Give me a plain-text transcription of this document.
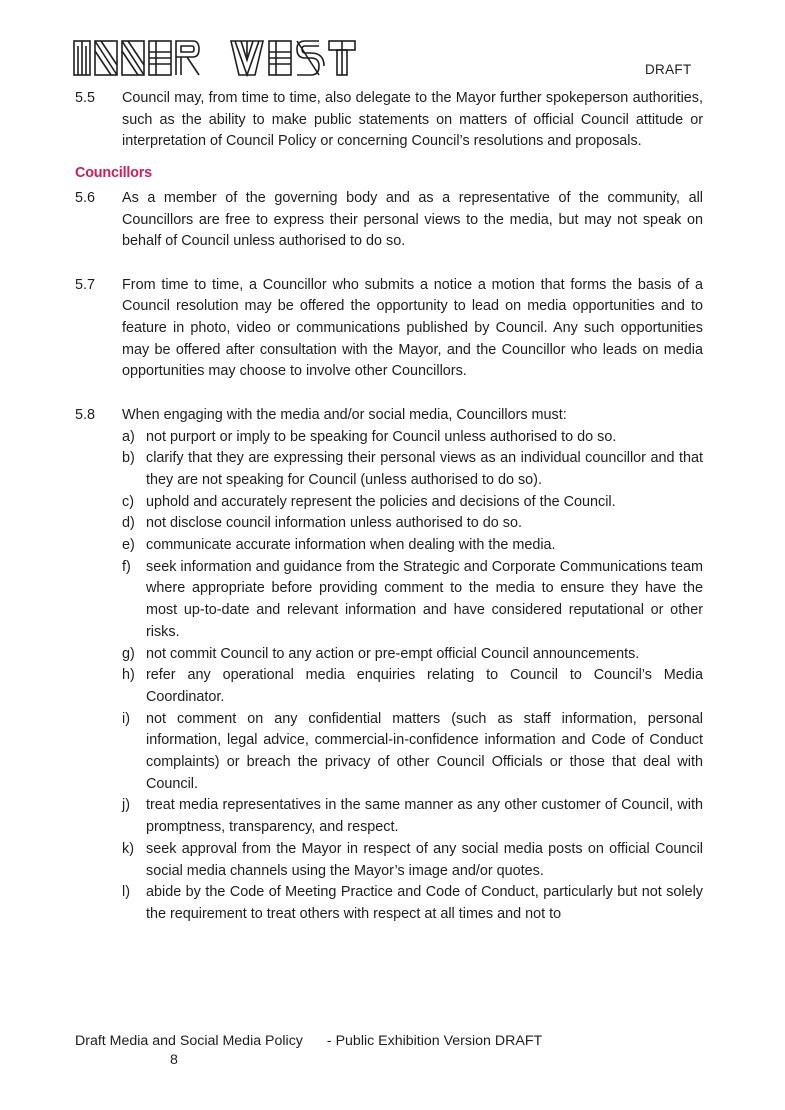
DRAFT
5.5	Council may, from time to time, also delegate to the Mayor further spokeperson authorities, such as the ability to make public statements on matters of official Council attitude or interpretation of Council Policy or concerning Council’s resolutions and proposals.
Councillors
5.6	As a member of the governing body and as a representative of the community, all Councillors are free to express their personal views to the media, but may not speak on behalf of Council unless authorised to do so.
5.7	From time to time, a Councillor who submits a notice a motion that forms the basis of a Council resolution may be offered the opportunity to lead on media opportunities and to feature in photo, video or communications published by Council. Any such opportunities may be offered after consultation with the Mayor, and the Councillor who leads on media opportunities may choose to involve other Councillors.
5.8	When engaging with the media and/or social media, Councillors must:
a) not purport or imply to be speaking for Council unless authorised to do so.
b) clarify that they are expressing their personal views as an individual councillor and that they are not speaking for Council (unless authorised to do so).
c) uphold and accurately represent the policies and decisions of the Council.
d) not disclose council information unless authorised to do so.
e) communicate accurate information when dealing with the media.
f)	seek information and guidance from the Strategic and Corporate Communications team where appropriate before providing comment to the media to ensure they have the most up-to-date and relevant information and have considered reputational or other risks.
g) not commit Council to any action or pre-empt official Council announcements.
h) refer any operational media enquiries relating to Council to Council’s Media Coordinator.
i)	not comment on any confidential matters (such as staff information, personal information, legal advice, commercial-in-confidence information and Code of Conduct complaints) or breach the privacy of other Council Officials or those that deal with Council.
j)	treat media representatives in the same manner as any other customer of Council, with promptness, transparency, and respect.
k) seek approval from the Mayor in respect of any social media posts on official Council social media channels using the Mayor’s image and/or quotes.
l)	abide by the Code of Meeting Practice and Code of Conduct, particularly but not solely the requirement to treat others with respect at all times and not to
Draft Media and Social Media Policy - Public Exhibition Version DRAFT
8
